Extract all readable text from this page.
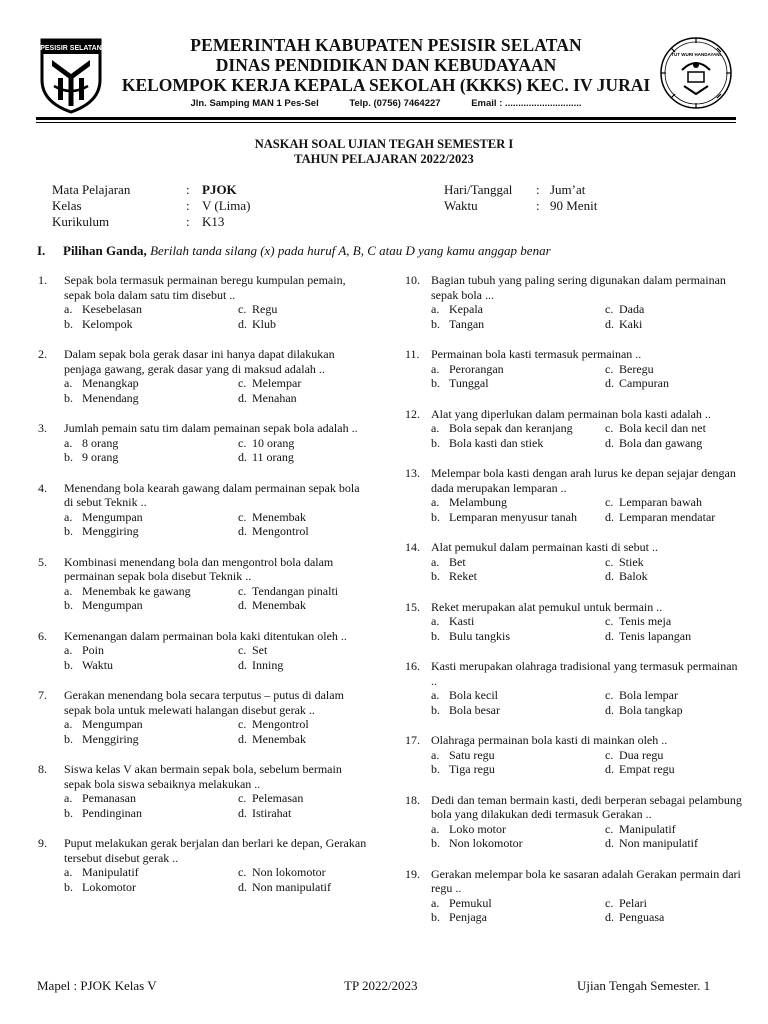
PESISIR SELATAN	PEMERINTAH KABUPATEN PESISIR SELATAN
DINAS PENDIDIKAN DAN KEBUDAYAAN
KELOMPOK KERJA KEPALA SEKOLAH (KKKS) KEC. IV JURAI
Jln. Samping MAN 1 Pes-Sel	Telp. (0756) 7464227	Email : .............................
TUT WURI HANDAYANI
NASKAH SOAL UJIAN TEGAH SEMESTER I
TAHUN PELAJARAN 2022/2023
Mata Pelajaran	: PJOK
Kelas	: V (Lima)
Kurikulum	: K13
Hari/Tanggal	: Jum’at
Waktu	: 90 Menit
I. Pilihan Ganda, Berilah tanda silang (x) pada huruf A, B, C atau D yang kamu anggap benar
1.	Sepak bola termasuk permainan beregu kumpulan pemain, sepak bola dalam satu tim disebut ..
a. Kesebelasan	c. Regu
b. Kelompok	d. Klub
2.	Dalam sepak bola gerak dasar ini hanya dapat dilakukan penjaga gawang, gerak dasar yang di maksud adalah ..
a. Menangkap	c. Melempar
b. Menendang	d. Menahan
3.	Jumlah pemain satu tim dalam pemainan sepak bola adalah ..
a. 8 orang	c. 10 orang
b. 9 orang	d. 11 orang
4.	Menendang bola kearah gawang dalam permainan sepak bola di sebut Teknik ..
a. Mengumpan	c. Menembak
b. Menggiring	d. Mengontrol
5.	Kombinasi menendang bola dan mengontrol bola dalam permainan sepak bola disebut Teknik ..
a. Menembak ke gawang	c. Tendangan pinalti
b. Mengumpan	d. Menembak
6.	Kemenangan dalam permainan bola kaki ditentukan oleh ..
a. Poin	c. Set
b. Waktu	d. Inning
7.	Gerakan menendang bola secara terputus – putus di dalam sepak bola untuk melewati halangan disebut gerak ..
a. Mengumpan	c. Mengontrol
b. Menggiring	d. Menembak
8.	Siswa kelas V akan bermain sepak bola, sebelum bermain sepak bola siswa sebaiknya melakukan ..
a. Pemanasan	c. Pelemasan
b. Pendinginan	d. Istirahat
9.	Puput melakukan gerak berjalan dan berlari ke depan, Gerakan tersebut disebut gerak ..
a. Manipulatif	c. Non lokomotor
b. Lokomotor	d. Non manipulatif
10. Bagian tubuh yang paling sering digunakan dalam permainan sepak bola ...
a. Kepala	c. Dada
b. Tangan	d. Kaki
11. Permainan bola kasti termasuk permainan ..
a. Perorangan	c. Beregu
b. Tunggal	d. Campuran
12. Alat yang diperlukan dalam permainan bola kasti adalah ..
a. Bola sepak dan keranjang	c. Bola kecil dan net
b. Bola kasti dan stiek	d. Bola dan gawang
13. Melempar bola kasti dengan arah lurus ke depan sejajar dengan dada merupakan lemparan ..
a. Melambung	c. Lemparan bawah
b. Lemparan menyusur tanah d. Lemparan mendatar
14. Alat pemukul dalam permainan kasti di sebut ..
a. Bet	c. Stiek
b. Reket	d. Balok
15. Reket merupakan alat pemukul untuk bermain ..
a. Kasti	c. Tenis meja
b. Bulu tangkis	d. Tenis lapangan
16. Kasti merupakan olahraga tradisional yang termasuk permainan ..
a. Bola kecil	c. Bola lempar
b. Bola besar	d. Bola tangkap
17. Olahraga permainan bola kasti di mainkan oleh ..
a. Satu regu	c. Dua regu
b. Tiga regu	d. Empat regu
18. Dedi dan teman bermain kasti, dedi berperan sebagai pelambung bola yang dilakukan dedi termasuk Gerakan ..
a. Loko motor	c. Manipulatif
b. Non lokomotor	d. Non manipulatif
19. Gerakan melempar bola ke sasaran adalah Gerakan permain dari regu ..
a. Pemukul	c. Pelari
b. Penjaga	d. Penguasa
Mapel : PJOK Kelas V	TP 2022/2023	Ujian Tengah Semester. 1
